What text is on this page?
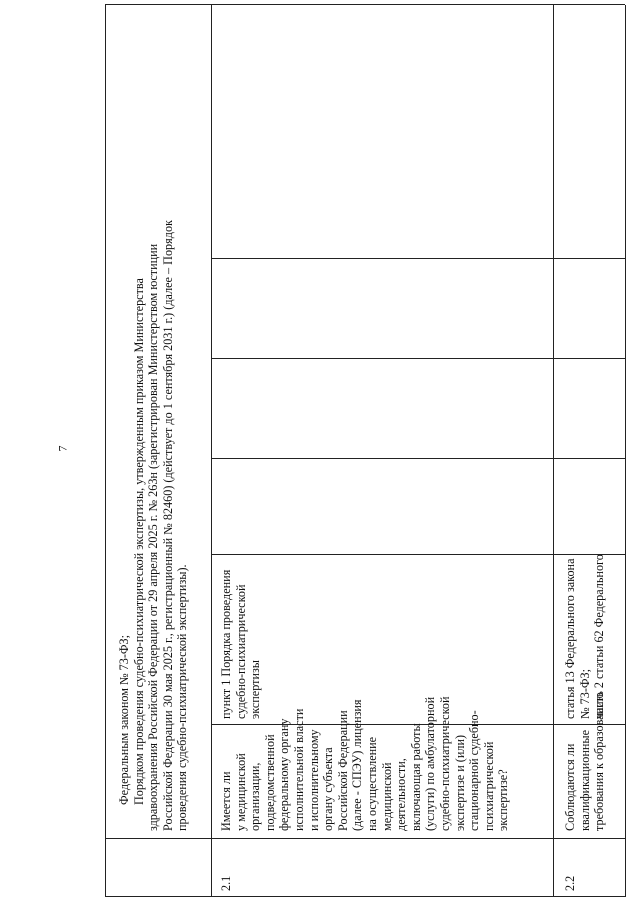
7

Федеральным законом № 73-ФЗ; Порядком проведения судебно-психиатрической экспертизы, утвержденным приказом Министерства здравоохранения Российской Федерации от 29 апреля 2025 г. № 263н (зарегистрирован Министерством юстиции Российской Федерации 30 мая 2025 г., регистрационный № 82460) (действует до 1 сентября 2031 г.) (далее – Порядок проведения судебно-психиатрической экспертизы).

2.1
Имеется ли у медицинской организации, подведомственной федеральному органу исполнительной власти и исполнительному органу субъекта Российской Федерации (далее - СПЭУ) лицензия на осуществление медицинской деятельности, включающая работы (услуги) по амбулаторной судебно-психиатрической экспертизе и (или) стационарной судебно- психиатрической экспертизе?
пункт 1 Порядка проведения судебно-психиатрической экспертизы
2.2
Соблюдаются ли квалификационные требования к образованию
статья 13 Федерального закона № 73-ФЗ; часть 2 статьи 62 Федерального
